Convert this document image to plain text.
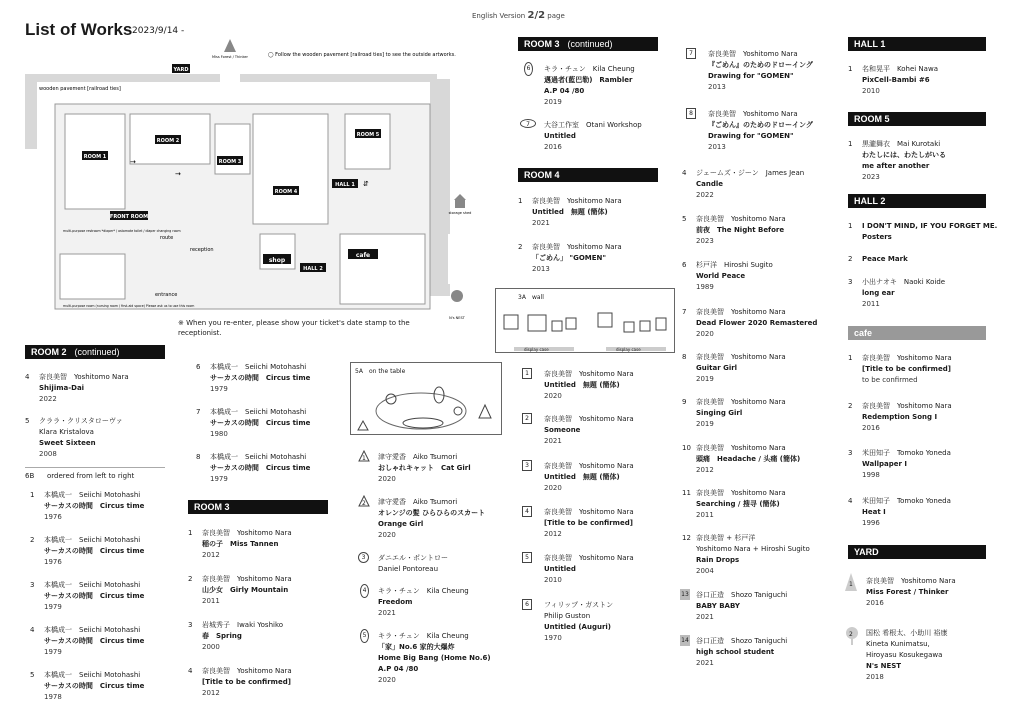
List of Works 2023/9/14 -
English Version 2/2 page
ROOM 1
ROOM 2
ROOM 3
ROOM 4
ROOM 5
HALL 1
HALL 2
FRONT ROOM
shop
cafe
YARD
Miss Forest / Thinker	◯ Follow the wooden pavement [railroad ties] to see the outside artworks.
wooden pavement [railroad ties]
route
reception
entrance
storage shed
N's NEST
multi-purpose restroom *diaper* / ostomate toilet / diaper changing room
multi-purpose room (nursing room / first-aid space) Please ask us to use this room
→
→
⇵
※ When you re-enter, please show your ticket's date stamp to the receptionist.
ROOM 2 (continued)
4 奈良美智　Yoshitomo Nara
Shijima-Dai
2022
5 クララ・クリスタローヴァ
Klara Kristalova
Sweet Sixteen
2008
6B ordered from left to right
1 本橋成一　Seiichi Motohashi
サーカスの時間　Circus time
1976
2 本橋成一　Seiichi Motohashi
サーカスの時間　Circus time
1976
3 本橋成一　Seiichi Motohashi
サーカスの時間　Circus time
1979
4 本橋成一　Seiichi Motohashi
サーカスの時間　Circus time
1979
5 本橋成一　Seiichi Motohashi
サーカスの時間　Circus time
1978
6 本橋成一　Seiichi Motohashi
サーカスの時間　Circus time
1979
7 本橋成一　Seiichi Motohashi
サーカスの時間　Circus time
1980
8 本橋成一　Seiichi Motohashi
サーカスの時間　Circus time
1979
ROOM 3
1 奈良美智　Yoshitomo Nara
稲の子　Miss Tannen
2012
2 奈良美智　Yoshitomo Nara
山少女　Girly Mountain
2011
3 岩城秀子　Iwaki Yoshiko
春　Spring
2000
4 奈良美智　Yoshitomo Nara
[Title to be confirmed]
2012
5A　 on the table
1 津守愛香　Aiko Tsumori
おしゃれキャット　Cat Girl
2020
2 津守愛香　Aiko Tsumori
オレンジの髪 ひらひらのスカート
Orange Girl
2020
3	ダニエル・ポントロー
Daniel Pontoreau
4	キラ・チュン　Kila Cheung
Freedom
2021
5	キラ・チュン　Kila Cheung
「家」No.6 家的大爆炸
Home Big Bang (Home No.6)
A.P 04 /80
2020
ROOM 3 (continued)
6	キラ・チュン　Kila Cheung
邁過者(藍巴勒)　Rambler
A.P 04 /80
2019
7	大谷工作室　Otani Workshop
Untitled
2016
ROOM 4
1 奈良美智　Yoshitomo Nara
Untitled　無題 (簡体)
2021
2 奈良美智　Yoshitomo Nara
「ごめん」 "GOMEN"
2013
3A　 wall
display case	display case
1	奈良美智　Yoshitomo Nara
Untitled　無題 (簡体)
2020
2	奈良美智　Yoshitomo Nara
Someone
2021
3	奈良美智　Yoshitomo Nara
Untitled　無題 (簡体)
2020
4	奈良美智　Yoshitomo Nara
[Title to be confirmed]
2012
5	奈良美智　Yoshitomo Nara
Untitled
2010
6	フィリップ・ガストン
Philip Guston
Untitled (Auguri)
1970
7	奈良美智　Yoshitomo Nara
『ごめん』のためのドローイング
Drawing for "GOMEN"
2013
8	奈良美智　Yoshitomo Nara
『ごめん』のためのドローイング
Drawing for "GOMEN"
2013
4 ジェームズ・ジーン　James Jean
Candle
2022
5 奈良美智　Yoshitomo Nara
前夜　The Night Before
2023
6 杉戸洋　Hiroshi Sugito
World Peace
1989
7 奈良美智　Yoshitomo Nara
Dead Flower 2020 Remastered
2020
8 奈良美智　Yoshitomo Nara
Guitar Girl
2019
9 奈良美智　Yoshitomo Nara
Singing Girl
2019
10 奈良美智　Yoshitomo Nara
頭痛　Headache / 头痛 (簡体)
2012
11 奈良美智　Yoshitomo Nara
Searching / 搜寻 (簡体)
2011
12 奈良美智 + 杉戸洋
Yoshitomo Nara + Hiroshi Sugito
Rain Drops
2004
13 谷口正造　Shozo Taniguchi
BABY BABY
2021
14 谷口正造　Shozo Taniguchi
high school student
2021
HALL 1
1 名和晃平　Kohei Nawa
PixCell-Bambi #6
2010
ROOM 5
1 黒瀧舞衣　Mai Kurotaki
わたしには、わたしがいる
me after another
2023
HALL 2
1 I DON'T MIND, IF YOU FORGET ME.
Posters
2 Peace Mark
3 小出ナオキ　Naoki Koide
long ear
2011
cafe
1 奈良美智　Yoshitomo Nara
[Title to be confirmed]
to be confirmed
2 奈良美智　Yoshitomo Nara
Redemption Song I
2016
3 米田知子　Tomoko Yoneda
Wallpaper I
1998
4 米田知子　Tomoko Yoneda
Heat I
1996
YARD
1 奈良美智　Yoshitomo Nara
Miss Forest / Thinker
2016
2 国松 希根太、小助川 裕康
Kineta Kunimatsu,
Hiroyasu Kosukegawa
N's NEST
2018
